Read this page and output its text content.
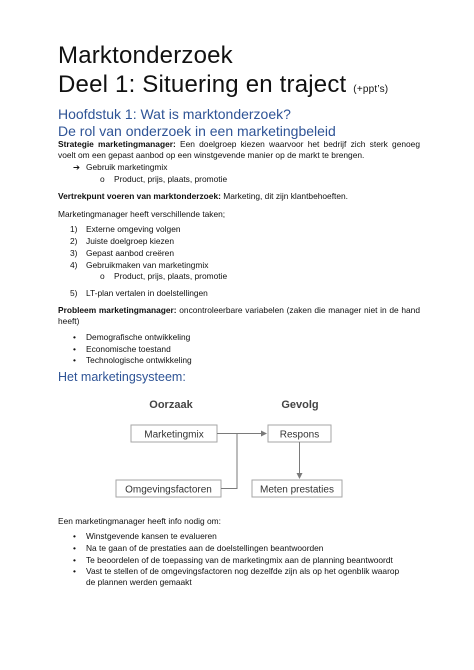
Marktonderzoek
Deel 1: Situering en traject (+ppt’s)
Hoofdstuk 1: Wat is marktonderzoek?
De rol van onderzoek in een marketingbeleid
Strategie marketingmanager: Een doelgroep kiezen waarvoor het bedrijf zich sterk genoeg voelt om een gepast aanbod op een winstgevende manier op de markt te brengen.
➔ Gebruik marketingmix
o Product, prijs, plaats, promotie
Vertrekpunt voeren van marktonderzoek: Marketing, dit zijn klantbehoeften.
Marketingmanager heeft verschillende taken;
1) Externe omgeving volgen
2) Juiste doelgroep kiezen
3) Gepast aanbod creëren
4) Gebruikmaken van marketingmix
o Product, prijs, plaats, promotie
5) LT-plan vertalen in doelstellingen
Probleem marketingmanager: oncontroleerbare variabelen (zaken die manager niet in de hand heeft)
• Demografische ontwikkeling
• Economische toestand
• Technologische ontwikkeling
Het marketingsysteem:
Oorzaak	Gevolg
Marketingmix	Respons
Omgevingsfactoren	Meten prestaties
Een marketingmanager heeft info nodig om:
• Winstgevende kansen te evalueren
• Na te gaan of de prestaties aan de doelstellingen beantwoorden
• Te beoordelen of de toepassing van de marketingmix aan de planning beantwoordt
• Vast te stellen of de omgevingsfactoren nog dezelfde zijn als op het ogenblik waarop
de plannen werden gemaakt
